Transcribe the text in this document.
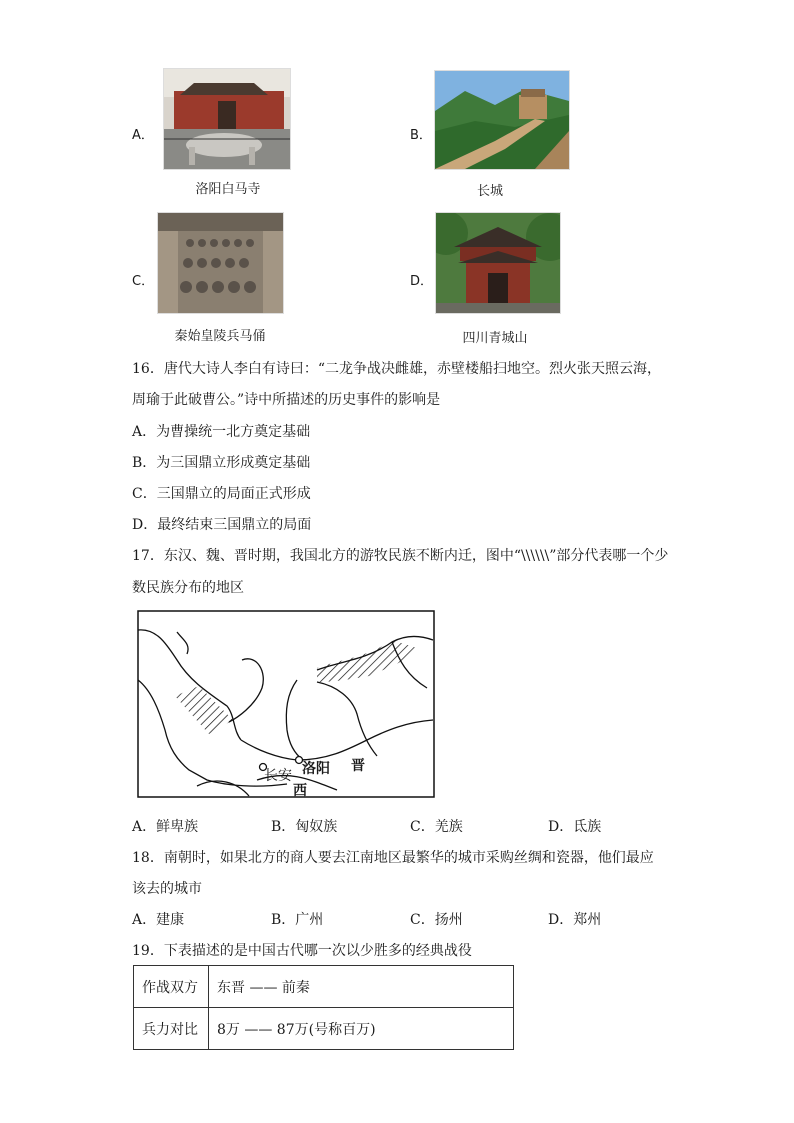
A．
洛阳白马寺
B．
长城
C．
秦始皇陵兵马俑
D．
四川青城山
16．唐代大诗人李白有诗曰：“二龙争战决雌雄，赤壁楼船扫地空。烈火张天照云海，
周瑜于此破曹公。”诗中所描述的历史事件的影响是
A．为曹操统一北方奠定基础
B．为三国鼎立形成奠定基础
C．三国鼎立的局面正式形成
D．最终结束三国鼎立的局面
17．东汉、魏、晋时期，我国北方的游牧民族不断内迁，图中“\\\\\\”部分代表哪一个少
数民族分布的地区
长安 洛阳 晋
西
A．鲜卑族	B．匈奴族	C．羌族	D．氐族
18．南朝时，如果北方的商人要去江南地区最繁华的城市采购丝绸和瓷器，他们最应
该去的城市
A．建康	B．广州	C．扬州	D．郑州
19．下表描述的是中国古代哪一次以少胜多的经典战役
作战双方	东晋 —— 前秦
兵力对比	8万 —— 87万(号称百万)
